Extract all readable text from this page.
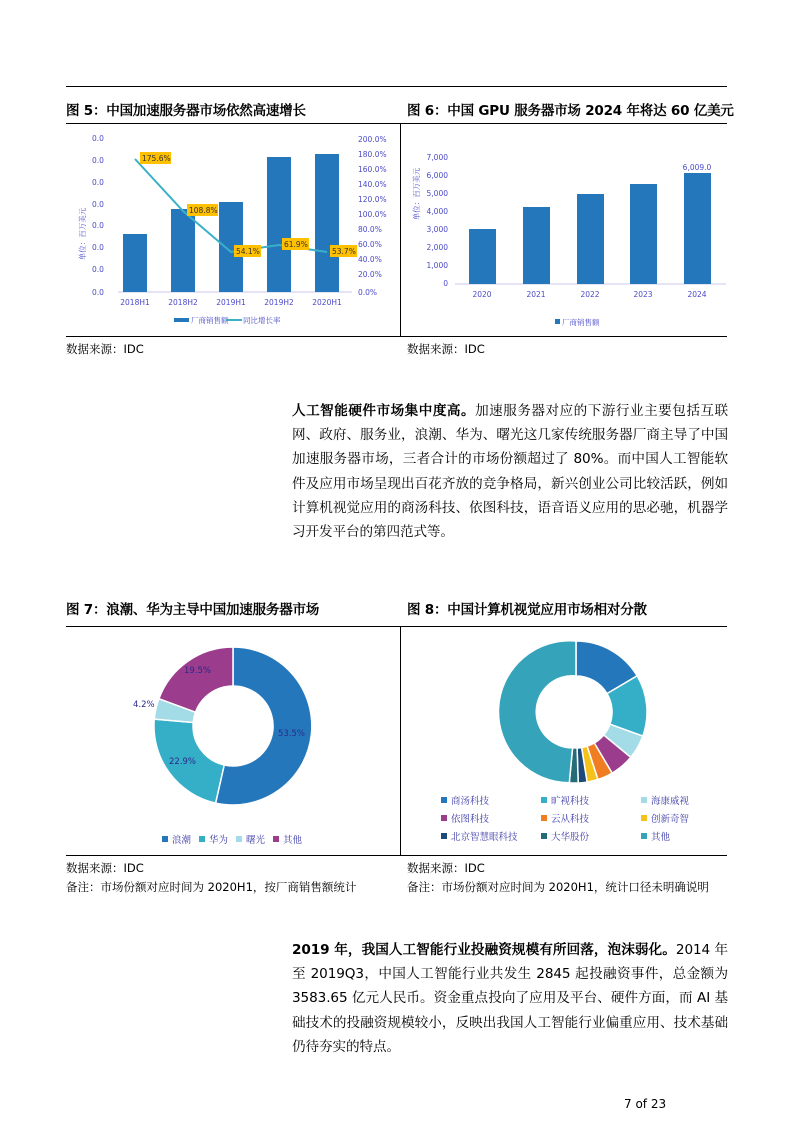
图 5：中国加速服务器市场依然高速增长	图 6：中国 GPU 服务器市场 2024 年将达 60 亿美元
单位：百万美元
0.0
0.0
0.0
0.0
0.0
0.0
0.0
0.0
200.0%
180.0%
160.0%
140.0%
120.0%
100.0%
80.0%
60.0%
40.0%
20.0%
0.0%
175.6%
108.8%
54.1%
61.9%
53.7%
2018H1 2018H2 2019H1 2019H2 2020H1
厂商销售额 同比增长率
单位：百万美元
7,000
6,000
5,000
4,000
3,000
2,000
1,000
0
6,009.0
2020	2021	2022	2023	2024
厂商销售额
数据来源：IDC	数据来源：IDC
人工智能硬件市场集中度高。加速服务器对应的下游行业主要包括互联网、政府、服务业，浪潮、华为、曙光这几家传统服务器厂商主导了中国加速服务器市场，三者合计的市场份额超过了 80%。而中国人工智能软件及应用市场呈现出百花齐放的竞争格局，新兴创业公司比较活跃，例如计算机视觉应用的商汤科技、依图科技，语音语义应用的思必驰，机器学习开发平台的第四范式等。
图 7：浪潮、华为主导中国加速服务器市场	图 8：中国计算机视觉应用市场相对分散
53.5%
22.9%
4.2%
19.5%
浪潮 华为 曙光 其他
商汤科技	旷视科技	海康威视
依图科技	云从科技	创新奇智
北京智慧眼科技	大华股份	其他
数据来源：IDC
备注：市场份额对应时间为 2020H1，按厂商销售额统计
数据来源：IDC
备注：市场份额对应时间为 2020H1，统计口径未明确说明
2019 年，我国人工智能行业投融资规模有所回落，泡沫弱化。2014 年至 2019Q3，中国人工智能行业共发生 2845 起投融资事件，总金额为 3583.65 亿元人民币。资金重点投向了应用及平台、硬件方面，而 AI 基础技术的投融资规模较小，反映出我国人工智能行业偏重应用、技术基础仍待夯实的特点。
7 of 23
